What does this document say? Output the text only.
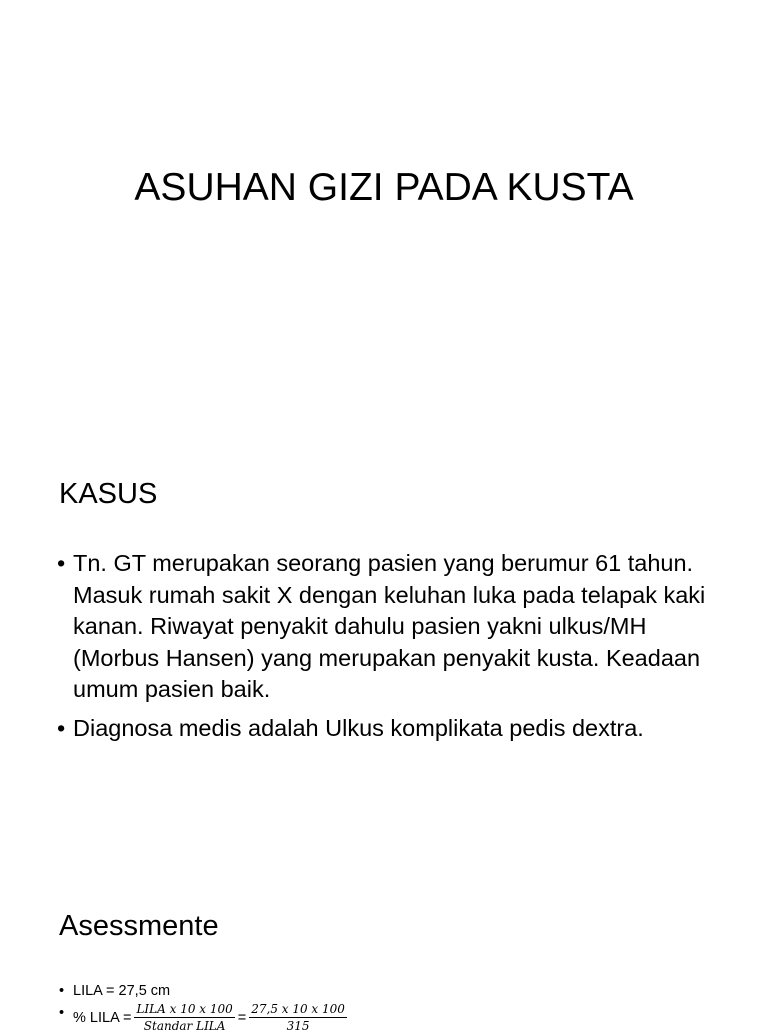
ASUHAN GIZI PADA KUSTA
KASUS
• Tn. GT merupakan seorang pasien yang berumur 61 tahun. Masuk rumah sakit X dengan keluhan luka pada telapak kaki kanan. Riwayat penyakit dahulu pasien yakni ulkus/MH (Morbus Hansen) yang merupakan penyakit kusta. Keadaan umum pasien baik.
• Diagnosa medis adalah Ulkus komplikata pedis dextra.
Asessmente
• LILA = 27,5 cm
• % LILA = $\frac{\text{LILA x 10 x 100}}{\text{Standar LILA}} = \frac{27,5 x 10 x 100}{315}$
